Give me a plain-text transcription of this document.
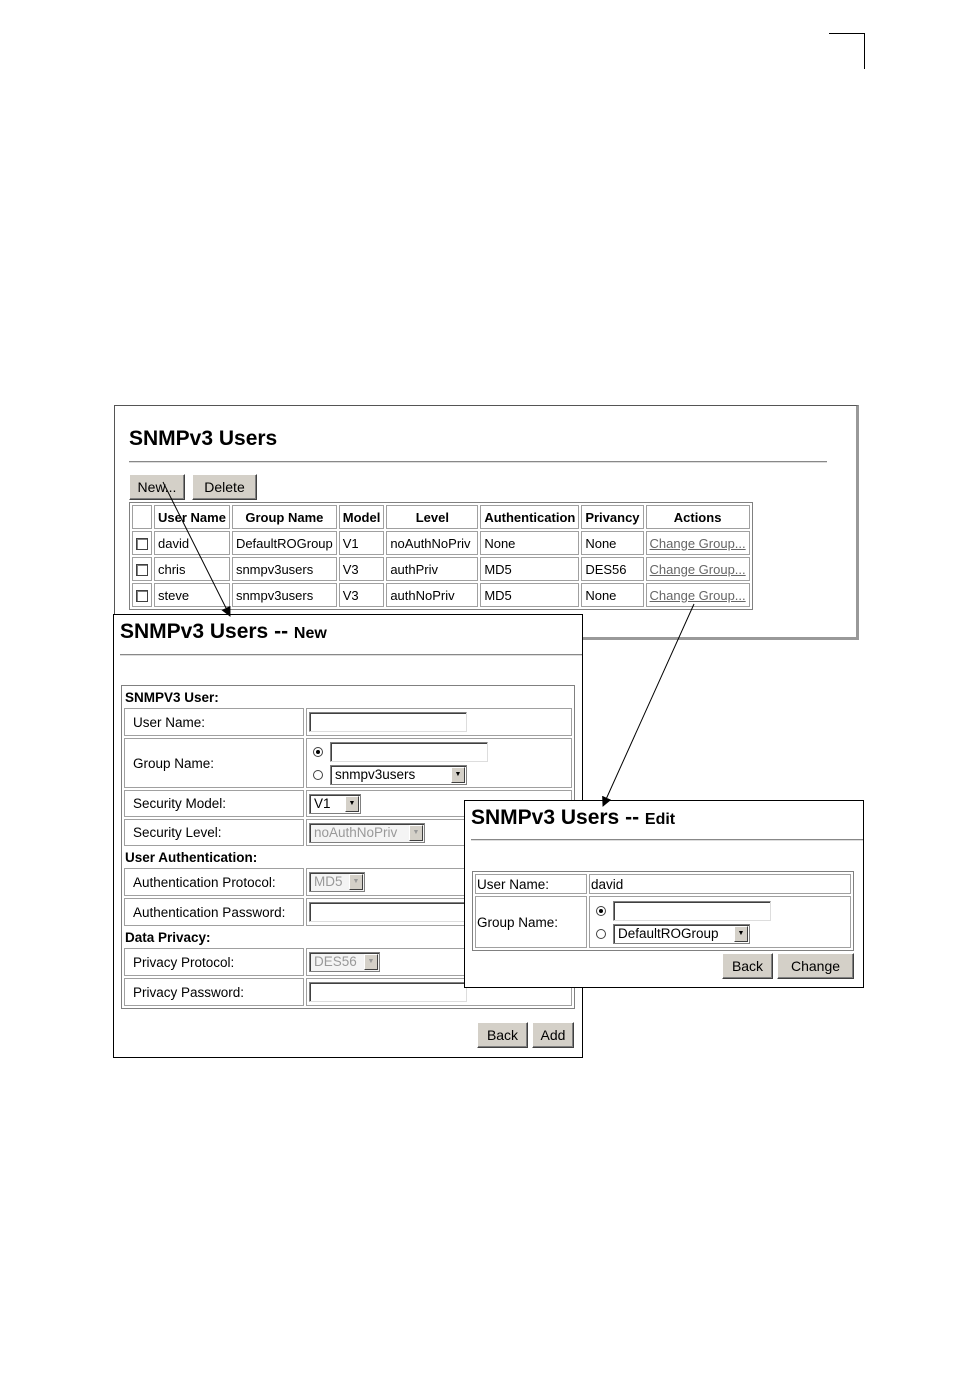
SNMPv3 Users
New...	Delete
	User Name	Group Name	Model	Level	Authentication	Privancy	Actions
	david	DefaultROGroup	V1	noAuthNoPriv	None	None	Change Group...
	chris	snmpv3users	V3	authPriv	MD5	DES56	Change Group...
	steve	snmpv3users	V3	authNoPriv	MD5	None	Change Group...
SNMPv3 Users -- New
SNMPV3 User:	
User Name:	
Group Name:	snmpv3users ▼

Security Model:	V1 ▼

Security Level:	noAuthNoPriv ▼

User Authentication:	
Authentication Protocol:	MD5 ▼

Authentication Password:	
Data Privacy:	
Privacy Protocol:	DES56 ▼

Privacy Password:	
Back	Add
SNMPv3 Users -- Edit
User Name:	david
Group Name:	DefaultROGroup ▼
Back	Change
